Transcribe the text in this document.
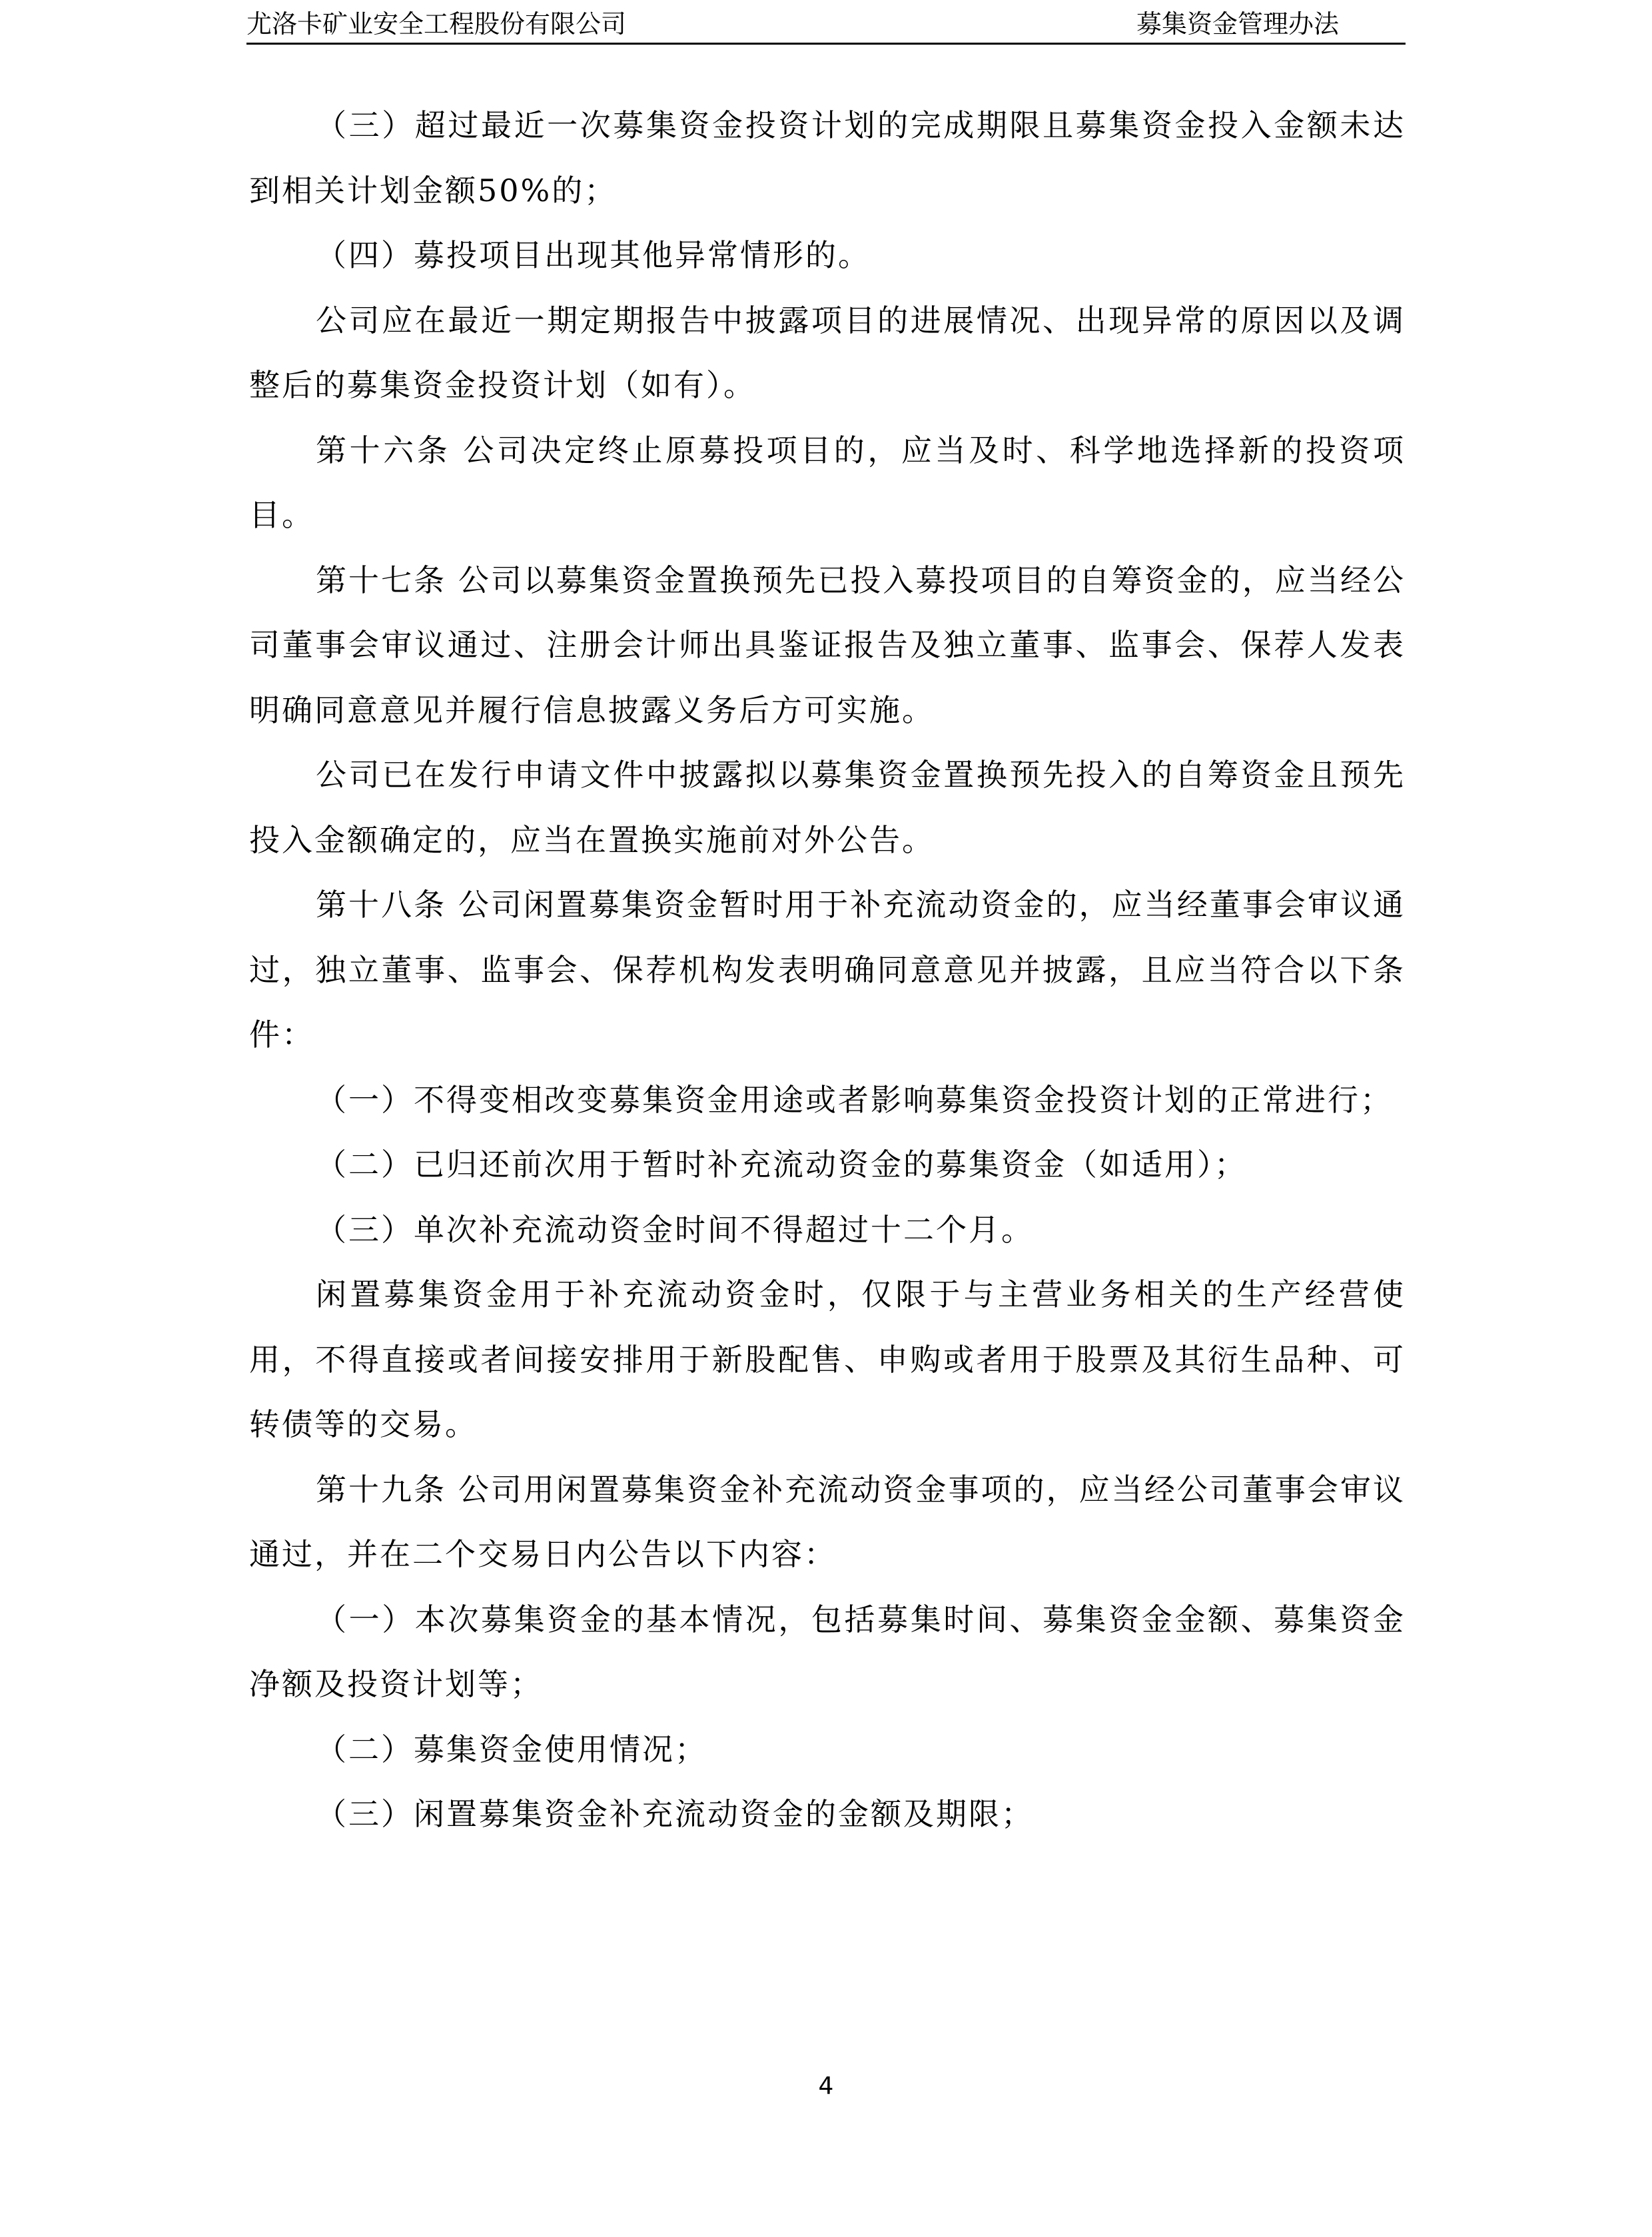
尤洛卡矿业安全工程股份有限公司	募集资金管理办法

（三）超过最近一次募集资金投资计划的完成期限且募集资金投入金额未达到相关计划金额50%的；

（四）募投项目出现其他异常情形的。

公司应在最近一期定期报告中披露项目的进展情况、出现异常的原因以及调整后的募集资金投资计划（如有）。

第十六条 公司决定终止原募投项目的，应当及时、科学地选择新的投资项目。

第十七条 公司以募集资金置换预先已投入募投项目的自筹资金的，应当经公司董事会审议通过、注册会计师出具鉴证报告及独立董事、监事会、保荐人发表明确同意意见并履行信息披露义务后方可实施。

公司已在发行申请文件中披露拟以募集资金置换预先投入的自筹资金且预先投入金额确定的，应当在置换实施前对外公告。

第十八条 公司闲置募集资金暂时用于补充流动资金的，应当经董事会审议通过，独立董事、监事会、保荐机构发表明确同意意见并披露，且应当符合以下条件：

（一）不得变相改变募集资金用途或者影响募集资金投资计划的正常进行；

（二）已归还前次用于暂时补充流动资金的募集资金（如适用）；

（三）单次补充流动资金时间不得超过十二个月。

闲置募集资金用于补充流动资金时，仅限于与主营业务相关的生产经营使用，不得直接或者间接安排用于新股配售、申购或者用于股票及其衍生品种、可转债等的交易。

第十九条 公司用闲置募集资金补充流动资金事项的，应当经公司董事会审议通过，并在二个交易日内公告以下内容：

（一）本次募集资金的基本情况，包括募集时间、募集资金金额、募集资金净额及投资计划等；

（二）募集资金使用情况；

（三）闲置募集资金补充流动资金的金额及期限；

4
